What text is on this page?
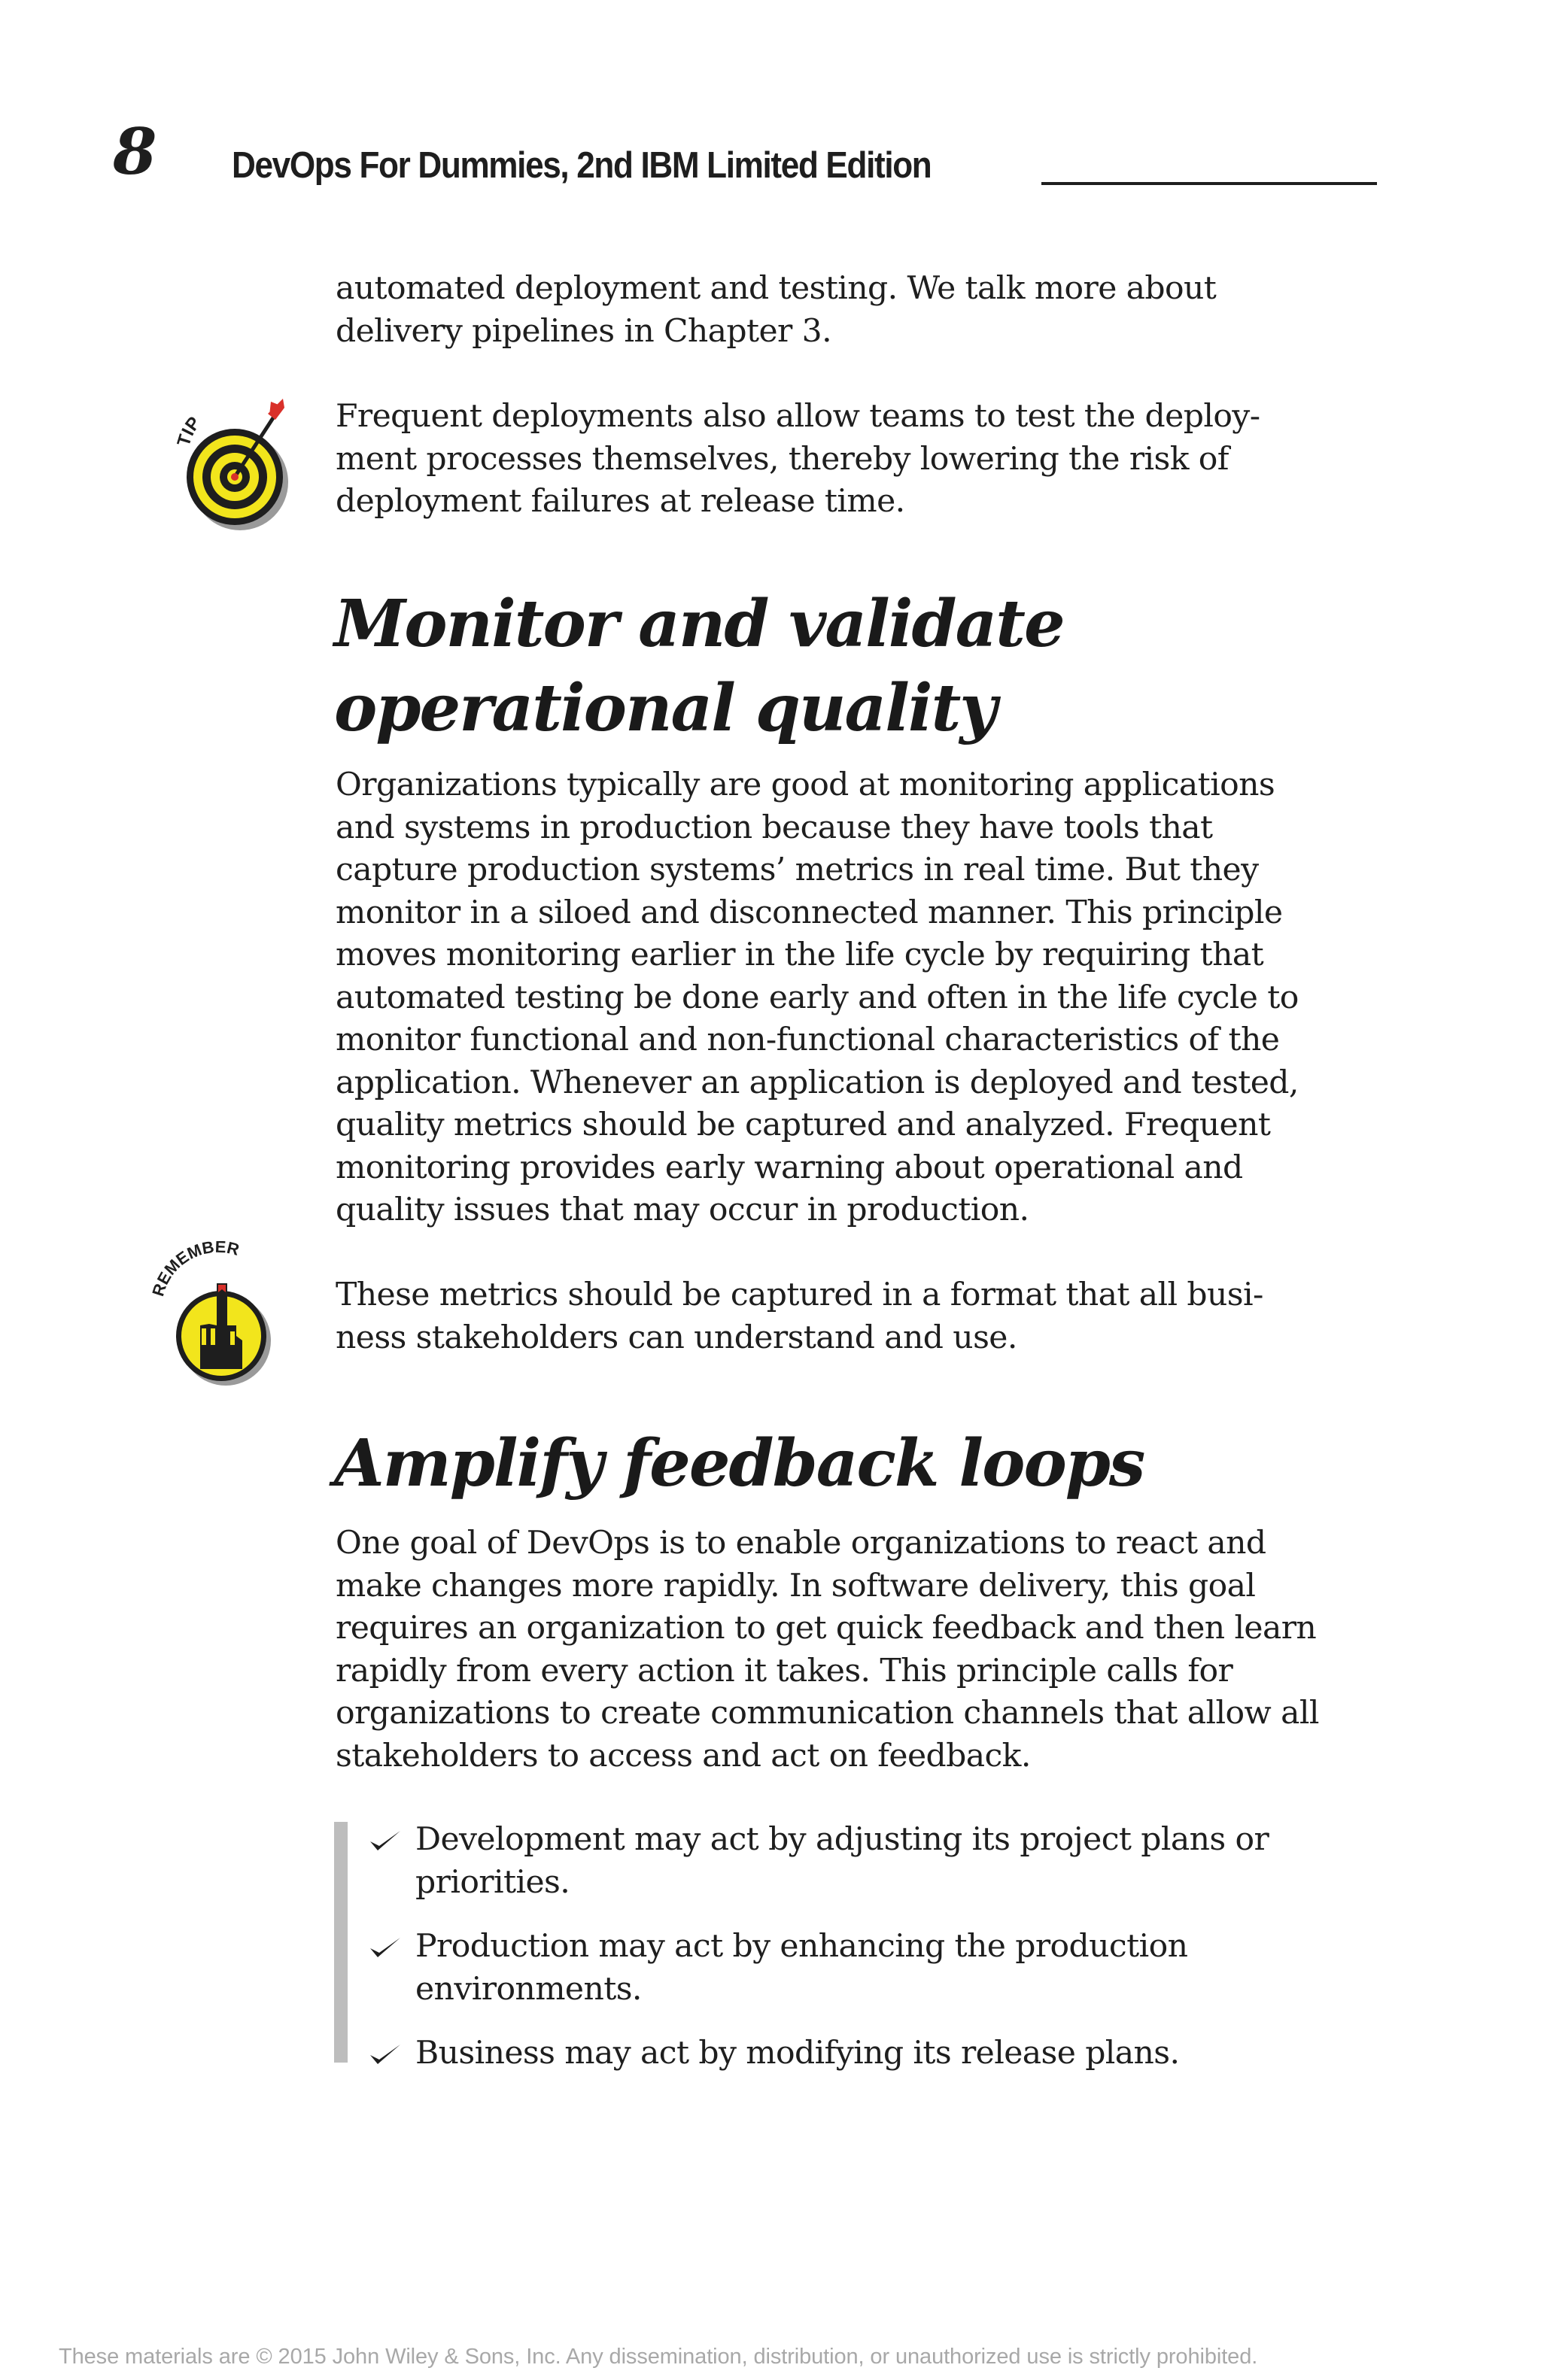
8 DevOps For Dummies, 2nd IBM Limited Edition

automated deployment and testing. We talk more about
delivery pipelines in Chapter 3.

TIP	Frequent deployments also allow teams to test the deploy-
ment processes themselves, thereby lowering the risk of
deployment failures at release time.

Monitor and validate
operational quality

Organizations typically are good at monitoring applications
and systems in production because they have tools that
capture production systems’ metrics in real time. But they
monitor in a siloed and disconnected manner. This principle
moves monitoring earlier in the life cycle by requiring that
automated testing be done early and often in the life cycle to
monitor functional and non-functional characteristics of the
application. Whenever an application is deployed and tested,
quality metrics should be captured and analyzed. Frequent
monitoring provides early warning about operational and
quality issues that may occur in production.

REMEMBER

These metrics should be captured in a format that all busi-
ness stakeholders can understand and use.

Amplify feedback loops

One goal of DevOps is to enable organizations to react and
make changes more rapidly. In software delivery, this goal
requires an organization to get quick feedback and then learn
rapidly from every action it takes. This principle calls for
organizations to create communication channels that allow all
stakeholders to access and act on feedback.

Development may act by adjusting its project plans or
priorities.
Production may act by enhancing the production
environments.
Business may act by modifying its release plans.
These materials are © 2015 John Wiley & Sons, Inc. Any dissemination, distribution, or unauthorized use is strictly prohibited.
